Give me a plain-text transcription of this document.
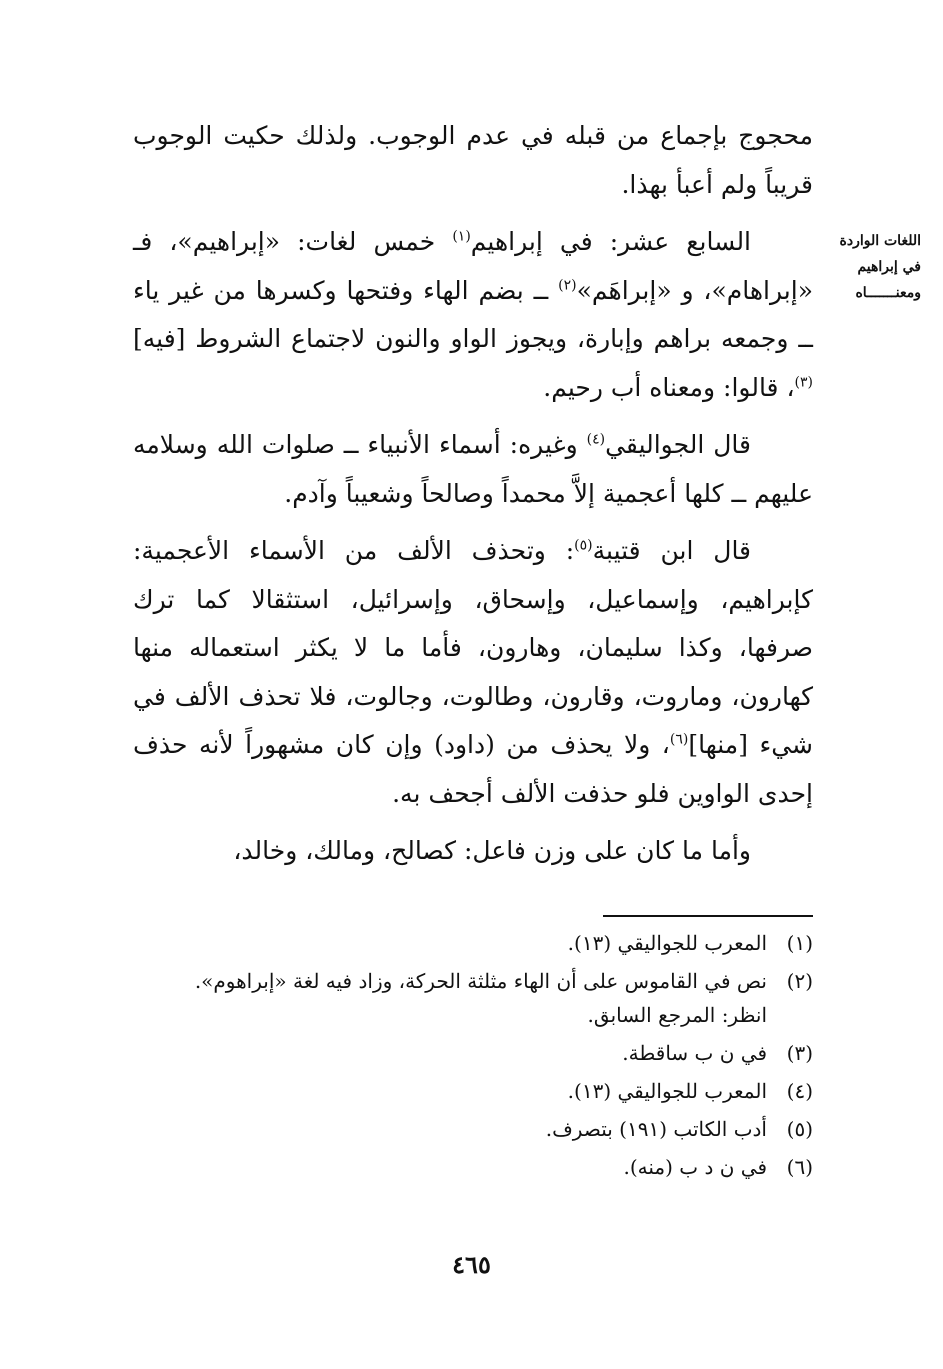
محجوج بإجماع من قبله في عدم الوجوب. ولذلك حكيت الوجوب قريباً ولم أعبأ بهذا.

السابع عشر: في إبراهيم$^{(١)}$ خمس لغات: «إبراهيم»، فـ «إبراهام»، و «إبراهَم»$^{(٢)}$ ــ بضم الهاء وفتحها وكسرها من غير ياء ــ وجمعه براهم وإبارة، ويجوز الواو والنون لاجتماع الشروط [فيه]$^{(٣)}$، قالوا: ومعناه أب رحيم.

قال الجواليقي$^{(٤)}$ وغيره: أسماء الأنبياء ــ صلوات الله وسلامه عليهم ــ كلها أعجمية إلاَّ محمداً وصالحاً وشعيباً وآدم.

قال ابن قتيبة$^{(٥)}$: وتحذف الألف من الأسماء الأعجمية: كإبراهيم، وإسماعيل، وإسحاق، وإسرائيل، استثقالا كما ترك صرفها، وكذا سليمان، وهارون، فأما ما لا يكثر استعماله منها كهارون، وماروت، وقارون، وطالوت، وجالوت، فلا تحذف الألف في شيء [منها]$^{(٦)}$، ولا يحذف من (داود) وإن كان مشهوراً لأنه حذف إحدى الواوين فلو حذفت الألف أجحف به.

وأما ما كان على وزن فاعل: كصالح، ومالك، وخالد،

اللغات الواردة
في إبراهيم
ومعنـــــــاه
(١)
المعرب للجواليقي (١٣).
(٢)
نص في القاموس على أن الهاء مثلثة الحركة، وزاد فيه لغة «إبراهوم».
انظر: المرجع السابق.
(٣)
في ن ب ساقطة.
(٤)
المعرب للجواليقي (١٣).
(٥)
أدب الكاتب (١٩١) بتصرف.
(٦)
في ن د ب (منه).
٤٦٥
